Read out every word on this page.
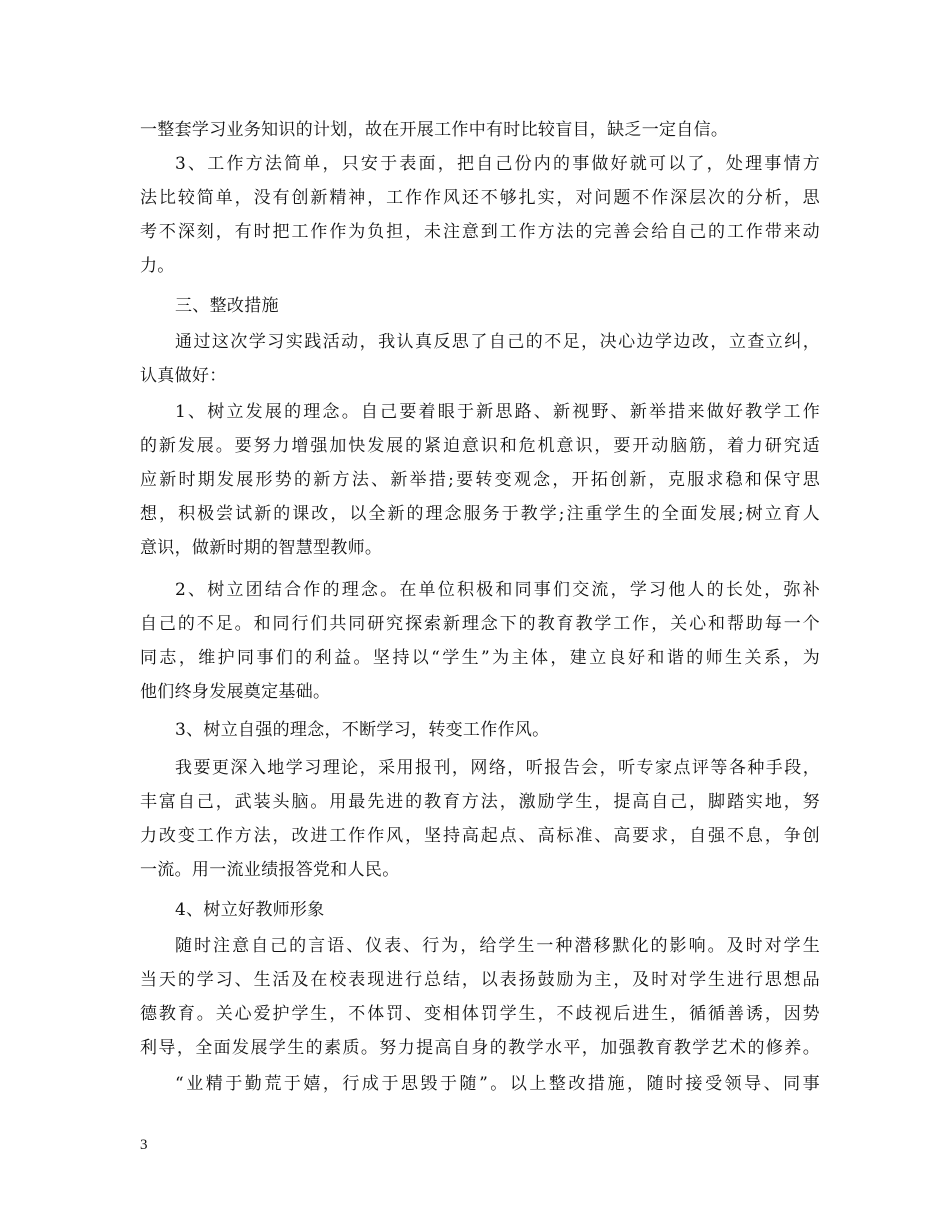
一整套学习业务知识的计划，故在开展工作中有时比较盲目，缺乏一定自信。
3、工作方法简单，只安于表面，把自己份内的事做好就可以了，处理事情方
法比较简单，没有创新精神，工作作风还不够扎实，对问题不作深层次的分析，思
考不深刻，有时把工作作为负担，未注意到工作方法的完善会给自己的工作带来动
力。
三、整改措施
通过这次学习实践活动，我认真反思了自己的不足，决心边学边改，立查立纠，
认真做好：
1、树立发展的理念。自己要着眼于新思路、新视野、新举措来做好教学工作
的新发展。要努力增强加快发展的紧迫意识和危机意识，要开动脑筋，着力研究适
应新时期发展形势的新方法、新举措;要转变观念，开拓创新，克服求稳和保守思
想，积极尝试新的课改，以全新的理念服务于教学;注重学生的全面发展;树立育人
意识，做新时期的智慧型教师。
2、树立团结合作的理念。在单位积极和同事们交流，学习他人的长处，弥补
自己的不足。和同行们共同研究探索新理念下的教育教学工作，关心和帮助每一个
同志，维护同事们的利益。坚持以“学生”为主体，建立良好和谐的师生关系，为
他们终身发展奠定基础。
3、树立自强的理念，不断学习，转变工作作风。
我要更深入地学习理论，采用报刊，网络，听报告会，听专家点评等各种手段，
丰富自己，武装头脑。用最先进的教育方法，激励学生，提高自己，脚踏实地，努
力改变工作方法，改进工作作风，坚持高起点、高标准、高要求，自强不息，争创
一流。用一流业绩报答党和人民。
4、树立好教师形象
随时注意自己的言语、仪表、行为，给学生一种潜移默化的影响。及时对学生
当天的学习、生活及在校表现进行总结，以表扬鼓励为主，及时对学生进行思想品
德教育。关心爱护学生，不体罚、变相体罚学生，不歧视后进生，循循善诱，因势
利导，全面发展学生的素质。努力提高自身的教学水平，加强教育教学艺术的修养。
“业精于勤荒于嬉，行成于思毁于随”。以上整改措施，随时接受领导、同事
3
